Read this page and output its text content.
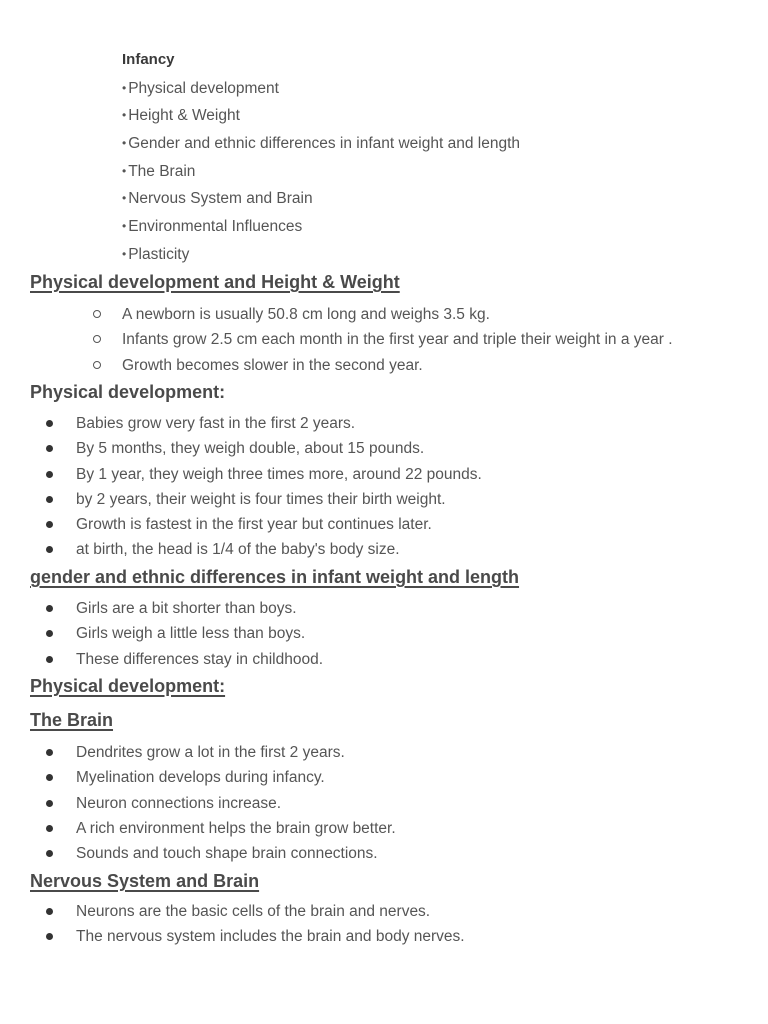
Infancy
• Physical development
• Height & Weight
• Gender and ethnic differences in infant weight and length
• The Brain
• Nervous System and Brain
• Environmental Influences
• Plasticity
Physical development and Height & Weight
A newborn is usually 50.8 cm long and weighs 3.5 kg.
Infants grow 2.5 cm each month in the first year and triple their weight in a year .
Growth becomes slower in the second year.
Physical development:
Babies grow very fast in the first 2 years.
By 5 months, they weigh double, about 15 pounds.
By 1 year, they weigh three times more, around 22 pounds.
by 2 years, their weight is four times their birth weight.
Growth is fastest in the first year but continues later.
at birth, the head is 1/4 of the baby's body size.
gender and ethnic differences in infant weight and length
Girls are a bit shorter than boys.
Girls weigh a little less than boys.
These differences stay in childhood.
Physical development:
The Brain
Dendrites grow a lot in the first 2 years.
Myelination develops during infancy.
Neuron connections increase.
A rich environment helps the brain grow better.
Sounds and touch shape brain connections.
Nervous System and Brain
Neurons are the basic cells of the brain and nerves.
The nervous system includes the brain and body nerves.
